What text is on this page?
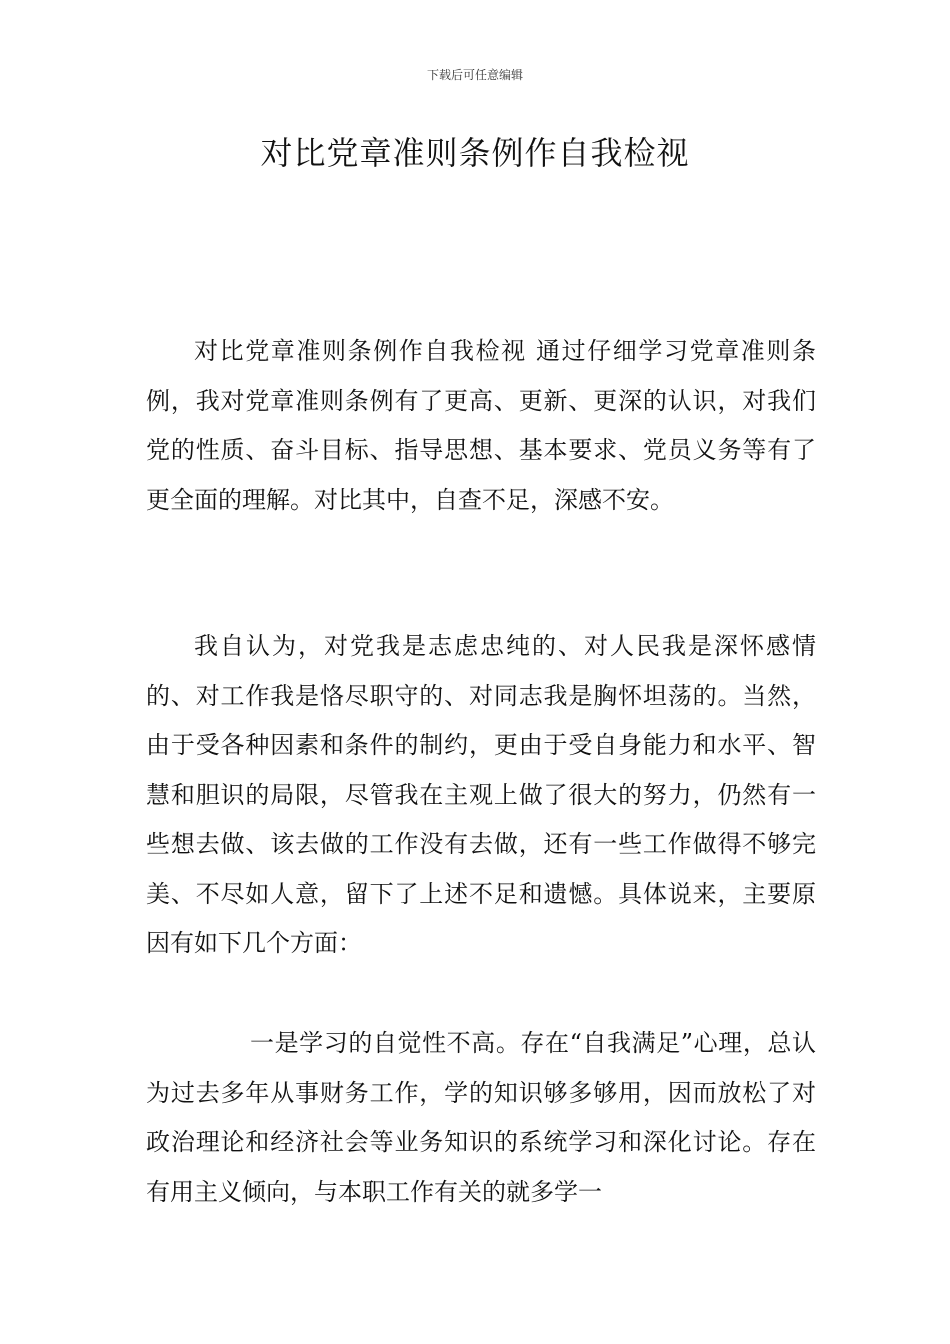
下载后可任意编辑
对比党章准则条例作自我检视

对比党章准则条例作自我检视 通过仔细学习党章准则条例，我对党章准则条例有了更高、更新、更深的认识，对我们党的性质、奋斗目标、指导思想、基本要求、党员义务等有了更全面的理解。对比其中，自查不足，深感不安。

我自认为，对党我是志虑忠纯的、对人民我是深怀感情的、对工作我是恪尽职守的、对同志我是胸怀坦荡的。当然，由于受各种因素和条件的制约，更由于受自身能力和水平、智慧和胆识的局限，尽管我在主观上做了很大的努力，仍然有一些想去做、该去做的工作没有去做，还有一些工作做得不够完美、不尽如人意，留下了上述不足和遗憾。具体说来，主要原因有如下几个方面：

一是学习的自觉性不高。存在“自我满足”心理，总认为过去多年从事财务工作，学的知识够多够用，因而放松了对政治理论和经济社会等业务知识的系统学习和深化讨论。存在有用主义倾向，与本职工作有关的就多学一
